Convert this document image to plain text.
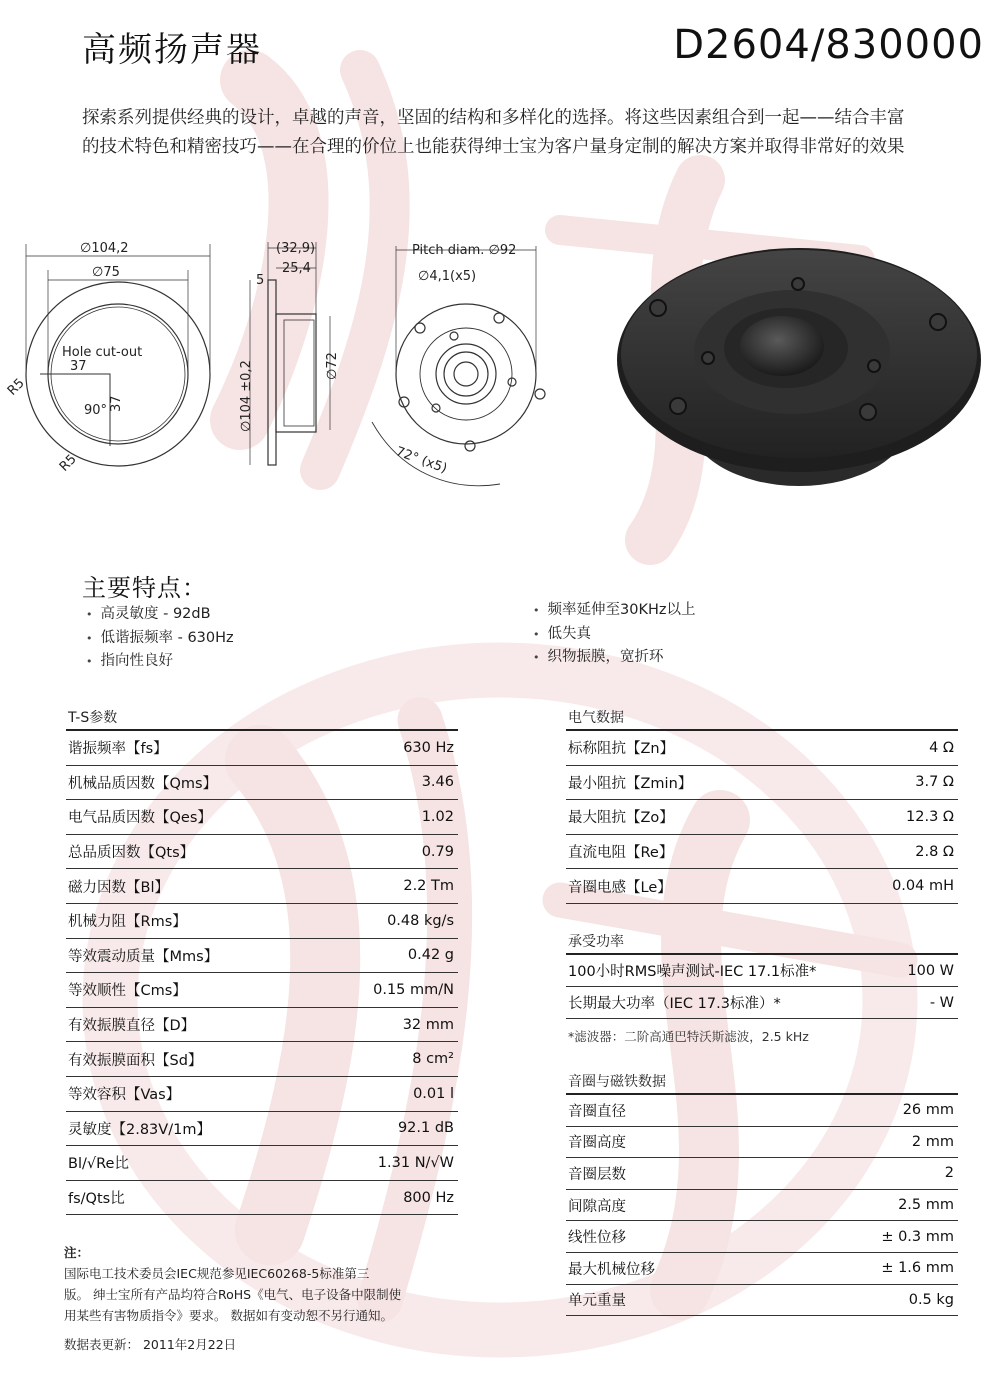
高频扬声器	D2604/830000
探索系列提供经典的设计，卓越的声音，坚固的结构和多样化的选择。将这些因素组合到一起——结合丰富
的技术特色和精密技巧——在合理的价位上也能获得绅士宝为客户量身定制的解决方案并取得非常好的效果
∅104,2
∅75
Hole cut-out
37
37
90°
R5
R5
(32,9)
25,4
5
∅104 ±0,2	∅72
Pitch diam. ∅92
∅4,1(x5)
72° (x5)
主要特点：
• 高灵敏度 - 92dB
• 低谐振频率 - 630Hz
• 指向性良好
• 频率延伸至30KHz以上
• 低失真
• 织物振膜，宽折环
T-S参数
谐振频率【fs】	630 Hz
机械品质因数【Qms】	3.46
电气品质因数【Qes】	1.02
总品质因数【Qts】	0.79
磁力因数【Bl】	2.2 Tm
机械力阻【Rms】	0.48 kg/s
等效震动质量【Mms】	0.42 g
等效顺性【Cms】	0.15 mm/N
有效振膜直径【D】	32 mm
有效振膜面积【Sd】	8 cm²
等效容积【Vas】	0.01 l
灵敏度【2.83V/1m】	92.1 dB
Bl/√Re比	1.31 N/√W
fs/Qts比	800 Hz
电气数据
标称阻抗【Zn】	4 Ω
最小阻抗【Zmin】	3.7 Ω
最大阻抗【Zo】	12.3 Ω
直流电阻【Re】	2.8 Ω
音圈电感【Le】	0.04 mH
承受功率
100小时RMS噪声测试-IEC 17.1标准*	100 W
长期最大功率（IEC 17.3标准）*	- W
*滤波器：二阶高通巴特沃斯滤波，2.5 kHz
音圈与磁铁数据
音圈直径	26 mm
音圈高度	2 mm
音圈层数	2
间隙高度	2.5 mm
线性位移	± 0.3 mm
最大机械位移	± 1.6 mm
单元重量	0.5 kg
注：
国际电工技术委员会IEC规范参见IEC60268-5标准第三
版。 绅士宝所有产品均符合RoHS《电气、电子设备中限制使
用某些有害物质指令》要求。 数据如有变动恕不另行通知。
数据表更新： 2011年2月22日
